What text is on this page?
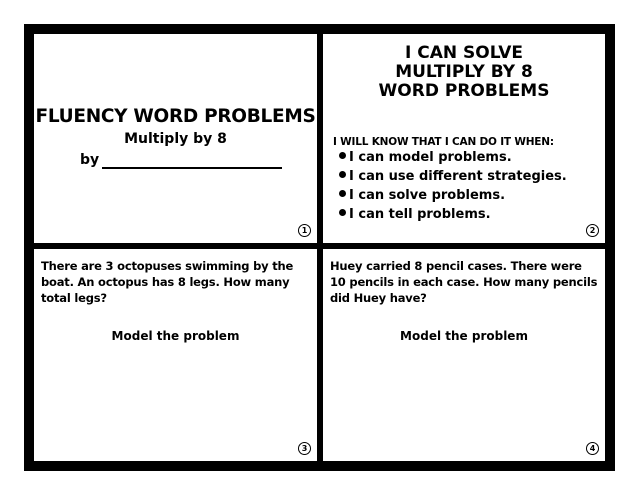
FLUENCY WORD PROBLEMS
Multiply by 8
by
1
I CAN SOLVE
MULTIPLY BY 8
WORD PROBLEMS
I WILL KNOW THAT I CAN DO IT WHEN:
I can model problems.
I can use different strategies.
I can solve problems.
I can tell problems.
2
There are 3 octopuses swimming by the boat. An octopus has 8 legs. How many total legs?
Model the problem
3
Huey carried 8 pencil cases. There were 10 pencils in each case. How many pencils did Huey have?
Model the problem
4
